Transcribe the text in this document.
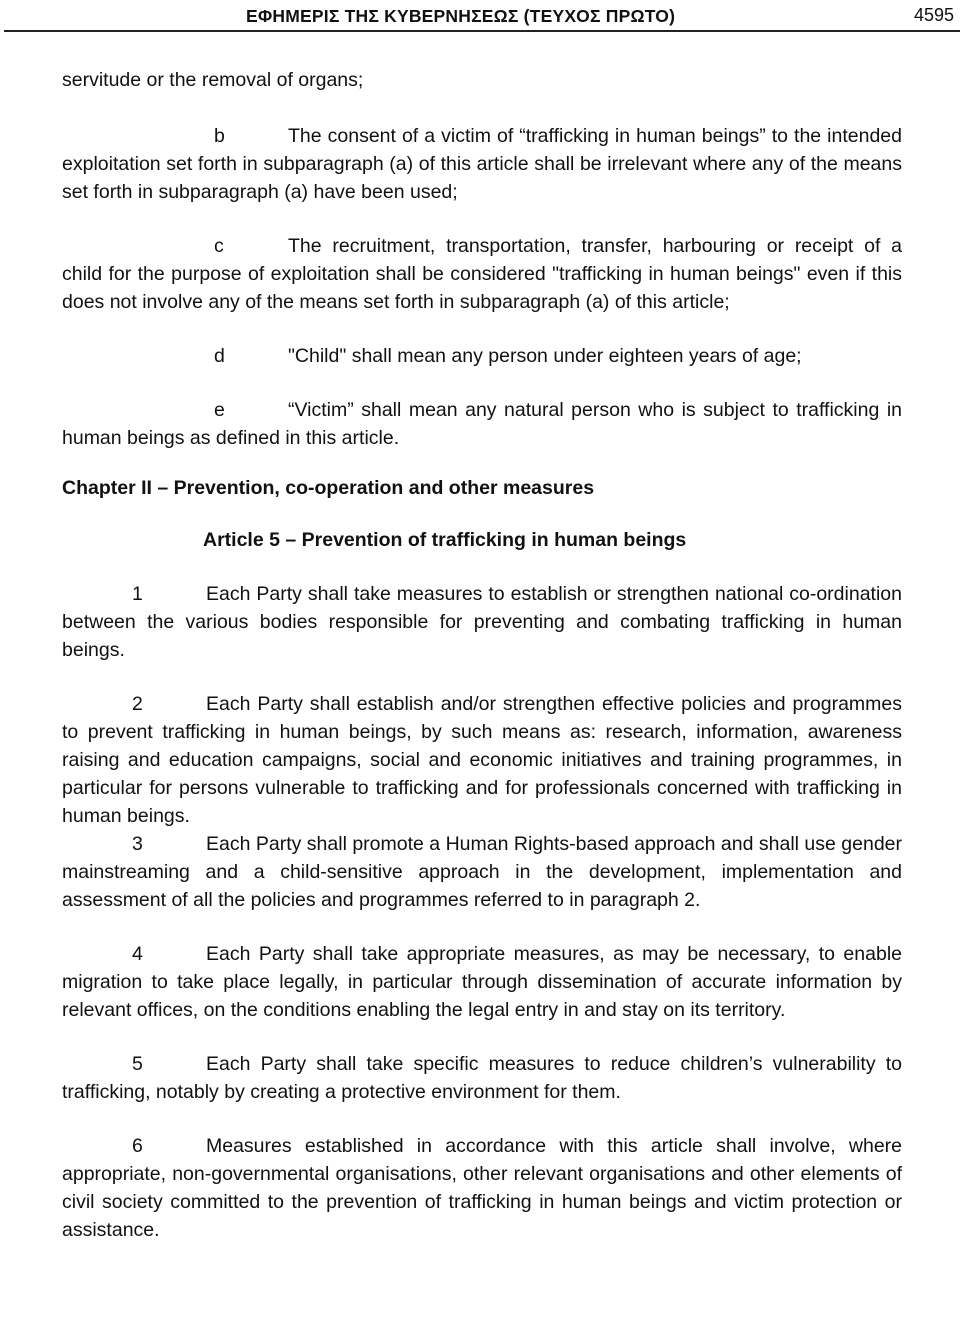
ΕΦΗΜΕΡΙΣ ΤΗΣ ΚΥΒΕΡΝΗΣΕΩΣ (ΤΕΥΧΟΣ ΠΡΩΤΟ)	4595

servitude or the removal of organs;

b	The consent of a victim of “trafficking in human beings” to the intended exploitation set forth in subparagraph (a) of this article shall be irrelevant where any of the means set forth in subparagraph (a) have been used;

c	The recruitment, transportation, transfer, harbouring or receipt of a child for the purpose of exploitation shall be considered "trafficking in human beings" even if this does not involve any of the means set forth in subparagraph (a) of this article;

d	"Child" shall mean any person under eighteen years of age;

e	“Victim” shall mean any natural person who is subject to trafficking in human beings as defined in this article.

Chapter II – Prevention, co-operation and other measures
Article 5 – Prevention of trafficking in human beings

1	Each Party shall take measures to establish or strengthen national co-ordination between the various bodies responsible for preventing and combating trafficking in human beings.

2	Each Party shall establish and/or strengthen effective policies and programmes to prevent trafficking in human beings, by such means as: research, information, awareness raising and education campaigns, social and economic initiatives and training programmes, in particular for persons vulnerable to trafficking and for professionals concerned with trafficking in human beings.

3	Each Party shall promote a Human Rights-based approach and shall use gender mainstreaming and a child-sensitive approach in the development, implementation and assessment of all the policies and programmes referred to in paragraph 2.

4	Each Party shall take appropriate measures, as may be necessary, to enable migration to take place legally, in particular through dissemination of accurate information by relevant offices, on the conditions enabling the legal entry in and stay on its territory.

5	Each Party shall take specific measures to reduce children’s vulnerability to trafficking, notably by creating a protective environment for them.

6	Measures established in accordance with this article shall involve, where appropriate, non-governmental organisations, other relevant organisations and other elements of civil society committed to the prevention of trafficking in human beings and victim protection or assistance.
